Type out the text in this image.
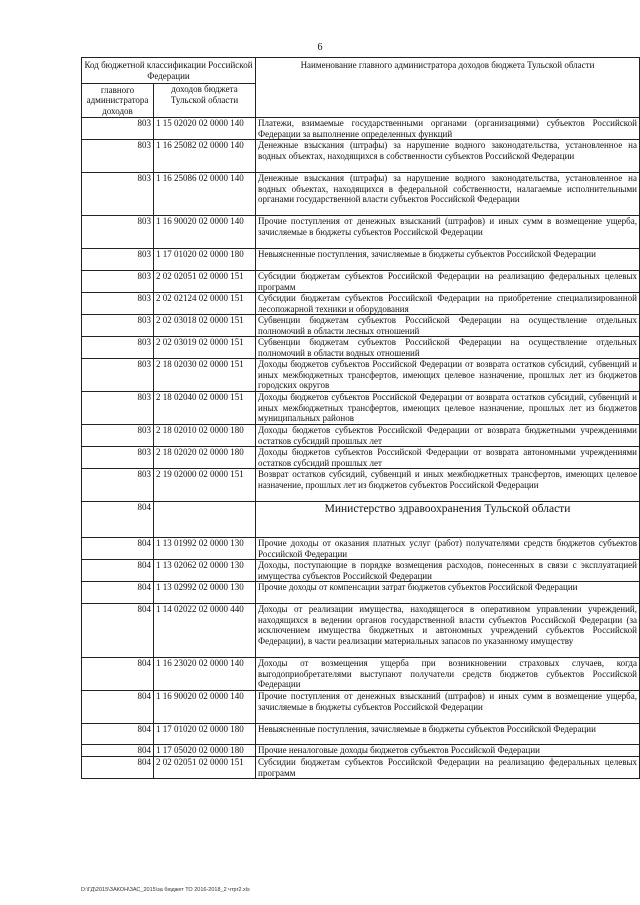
6
Код бюджетной классификации Российской Федерации		Наименование главного администратора доходов бюджета Тульской области
главного администратора доходов	доходов бюджета Тульской области	
803	1 15 02020 02 0000 140	Платежи, взимаемые государственными органами (организациями) субъектов Российской Федерации за выполнение определенных функций
803	1 16 25082 02 0000 140	Денежные взыскания (штрафы) за нарушение водного законодательства, установленное на водных объектах, находящихся в собственности субъектов Российской Федерации
803	1 16 25086 02 0000 140	Денежные взыскания (штрафы) за нарушение водного законодательства, установленное на водных объектах, находящихся в федеральной собственности, налагаемые исполнительными органами государственной власти субъектов Российской Федерации
803	1 16 90020 02 0000 140	Прочие поступления от денежных взысканий (штрафов) и иных сумм в возмещение ущерба, зачисляемые в бюджеты субъектов Российской Федерации
803	1 17 01020 02 0000 180	Невыясненные поступления, зачисляемые в бюджеты субъектов Российской Федерации
803	2 02 02051 02 0000 151	Субсидии бюджетам субъектов Российской Федерации на реализацию федеральных целевых программ
803	2 02 02124 02 0000 151	Субсидии бюджетам субъектов Российской Федерации на приобретение специализированной лесопожарной техники и оборудования
803	2 02 03018 02 0000 151	Субвенции бюджетам субъектов Российской Федерации на осуществление отдельных полномочий в области лесных отношений
803	2 02 03019 02 0000 151	Субвенции бюджетам субъектов Российской Федерации на осуществление отдельных полномочий в области водных отношений
803	2 18 02030 02 0000 151	Доходы бюджетов субъектов Российской Федерации от возврата остатков субсидий, субвенций и иных межбюджетных трансфертов, имеющих целевое назначение, прошлых лет из бюджетов городских округов
803	2 18 02040 02 0000 151	Доходы бюджетов субъектов Российской Федерации от возврата остатков субсидий, субвенций и иных межбюджетных трансфертов, имеющих целевое назначение, прошлых лет из бюджетов муниципальных районов
803	2 18 02010 02 0000 180	Доходы бюджетов субъектов Российской Федерации от возврата бюджетными учреждениями остатков субсидий прошлых лет
803	2 18 02020 02 0000 180	Доходы бюджетов субъектов Российской Федерации от возврата автономными учреждениями остатков субсидий прошлых лет
803	2 19 02000 02 0000 151	Возврат остатков субсидий, субвенций и иных межбюджетных трансфертов, имеющих целевое назначение, прошлых лет из бюджетов субъектов Российской Федерации
804		Министерство здравоохранения Тульской области
804	1 13 01992 02 0000 130	Прочие доходы от оказания платных услуг (работ) получателями средств бюджетов субъектов Российской Федерации
804	1 13 02062 02 0000 130	Доходы, поступающие в порядке возмещения расходов, понесенных в связи с эксплуатацией имущества субъектов Российской Федерации
804	1 13 02992 02 0000 130	Прочие доходы от компенсации затрат бюджетов субъектов Российской Федерации
804	1 14 02022 02 0000 440	Доходы от реализации имущества, находящегося в оперативном управлении учреждений, находящихся в ведении органов государственной власти субъектов Российской Федерации (за исключением имущества бюджетных и автономных учреждений субъектов Российской Федерации), в части реализации материальных запасов по указанному имуществу
804	1 16 23020 02 0000 140	Доходы от возмещения ущерба при возникновении страховых случаев, когда выгодоприобретателями выступают получатели средств бюджетов субъектов Российской Федерации
804	1 16 90020 02 0000 140	Прочие поступления от денежных взысканий (штрафов) и иных сумм в возмещение ущерба, зачисляемые в бюджеты субъектов Российской Федерации
804	1 17 01020 02 0000 180	Невыясненные поступления, зачисляемые в бюджеты субъектов Российской Федерации
804	1 17 05020 02 0000 180	Прочие неналоговые доходы бюджетов субъектов Российской Федерации
804	2 02 02051 02 0000 151	Субсидии бюджетам субъектов Российской Федерации на реализацию федеральных целевых программ
D:\ГД\2015\ЗАКОН\ЗАС_2015\за бюджет ТО 2016-2018_2 чтpr2.xls
